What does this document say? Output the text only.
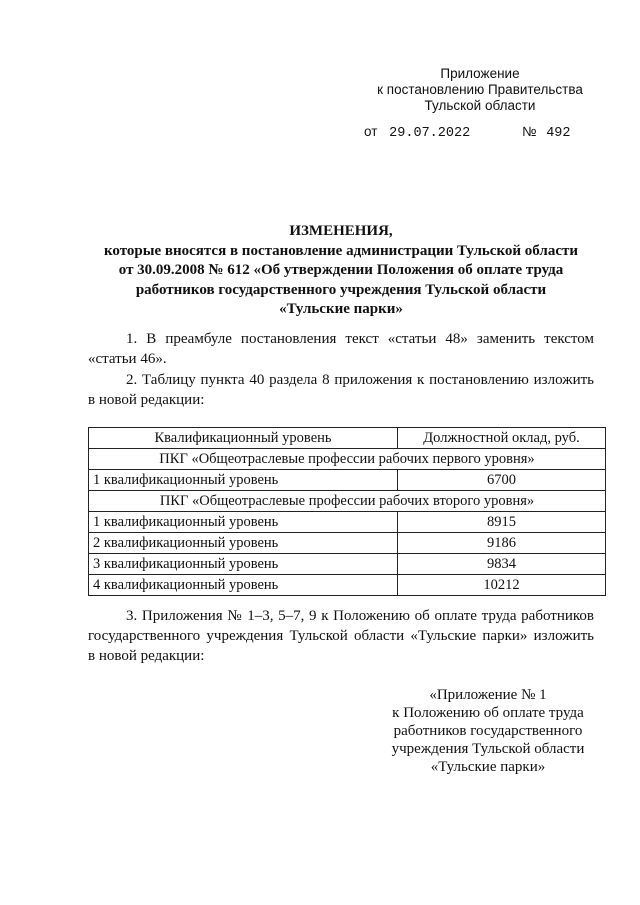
Приложение
к постановлению Правительства
Тульской области
от 29.07.2022	№ 492
ИЗМЕНЕНИЯ,
которые вносятся в постановление администрации Тульской области
от 30.09.2008 № 612 «Об утверждении Положения об оплате труда
работников государственного учреждения Тульской области
«Тульские парки»
1. В преамбуле постановления текст «статьи 48» заменить текстом
«статьи 46».
2. Таблицу пункта 40 раздела 8 приложения к постановлению изложить
в новой редакции:
Квалификационный уровень	Должностной оклад, руб.
ПКГ «Общеотраслевые профессии рабочих первого уровня»	
1 квалификационный уровень	6700
ПКГ «Общеотраслевые профессии рабочих второго уровня»	
1 квалификационный уровень	8915
2 квалификационный уровень	9186
3 квалификационный уровень	9834
4 квалификационный уровень	10212
3. Приложения № 1–3, 5–7, 9 к Положению об оплате труда работников
государственного учреждения Тульской области «Тульские парки» изложить
в новой редакции:
«Приложение № 1
к Положению об оплате труда
работников государственного
учреждения Тульской области
«Тульские парки»
